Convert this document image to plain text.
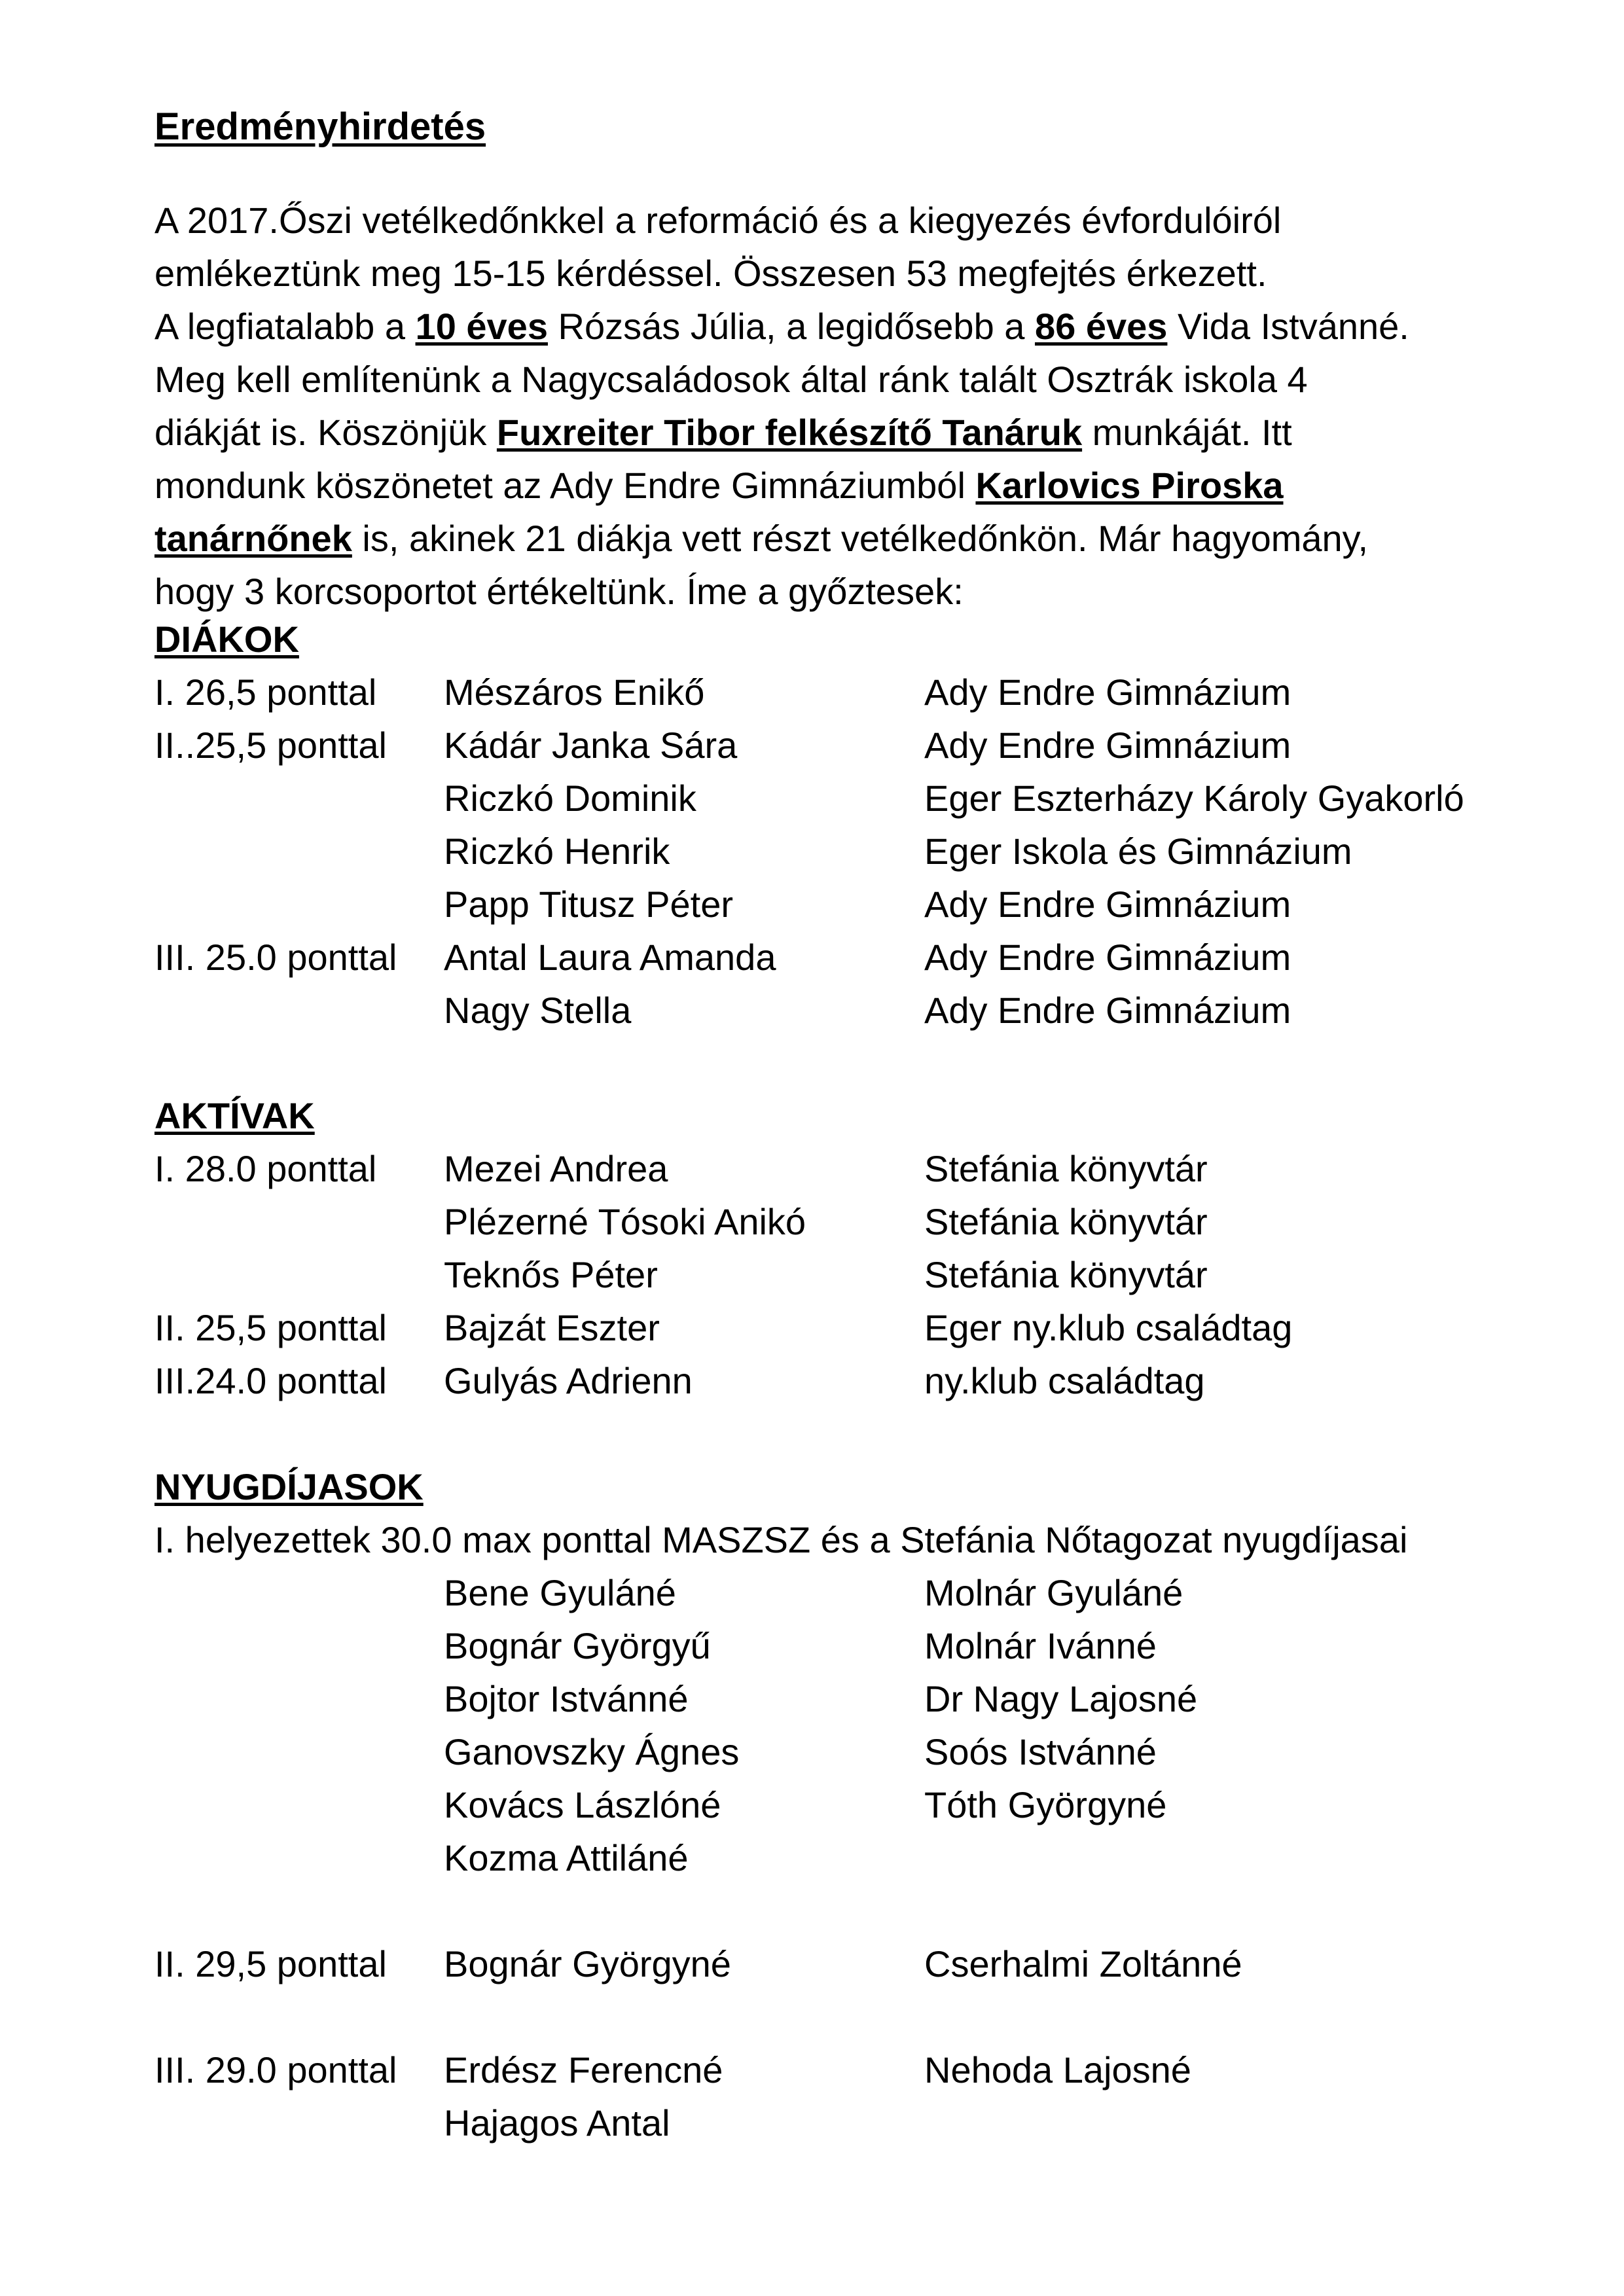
Eredményhirdetés
A 2017.Őszi vetélkedőnkkel a reformáció és a kiegyezés évfordulóiról
emlékeztünk meg 15-15 kérdéssel. Összesen 53 megfejtés érkezett.
A legfiatalabb a 10 éves Rózsás Júlia, a legidősebb a 86 éves Vida Istvánné.
Meg kell említenünk a Nagycsaládosok által ránk talált Osztrák iskola 4
diákját is. Köszönjük Fuxreiter Tibor felkészítő Tanáruk munkáját. Itt
mondunk köszönetet az Ady Endre Gimnáziumból Karlovics Piroska
tanárnőnek is, akinek 21 diákja vett részt vetélkedőnkön. Már hagyomány,
hogy 3 korcsoportot értékeltünk. Íme a győztesek:
DIÁKOK
I. 26,5 ponttal Mészáros Enikő	Ady Endre Gimnázium
II..25,5 ponttal Kádár Janka Sára	Ady Endre Gimnázium
Riczkó Dominik	Eger Eszterházy Károly Gyakorló
Riczkó Henrik	Eger Iskola és Gimnázium
Papp Titusz Péter	Ady Endre Gimnázium
III. 25.0 ponttal Antal Laura Amanda	Ady Endre Gimnázium
Nagy Stella	Ady Endre Gimnázium
AKTÍVAK
I. 28.0 ponttal Mezei Andrea	Stefánia könyvtár
Plézerné Tósoki Anikó	Stefánia könyvtár
Teknős Péter	Stefánia könyvtár
II. 25,5 ponttal Bajzát Eszter	Eger ny.klub családtag
III.24.0 ponttal Gulyás Adrienn	ny.klub családtag
NYUGDÍJASOK
I. helyezettek 30.0 max ponttal MASZSZ és a Stefánia Nőtagozat nyugdíjasai
Bene Gyuláné	Molnár Gyuláné
Bognár Györgyű	Molnár Ivánné
Bojtor Istvánné	Dr Nagy Lajosné
Ganovszky Ágnes	Soós Istvánné
Kovács Lászlóné	Tóth Györgyné
Kozma Attiláné
II. 29,5 ponttal Bognár Györgyné	Cserhalmi Zoltánné
III. 29.0 ponttal Erdész Ferencné	Nehoda Lajosné
Hajagos Antal
